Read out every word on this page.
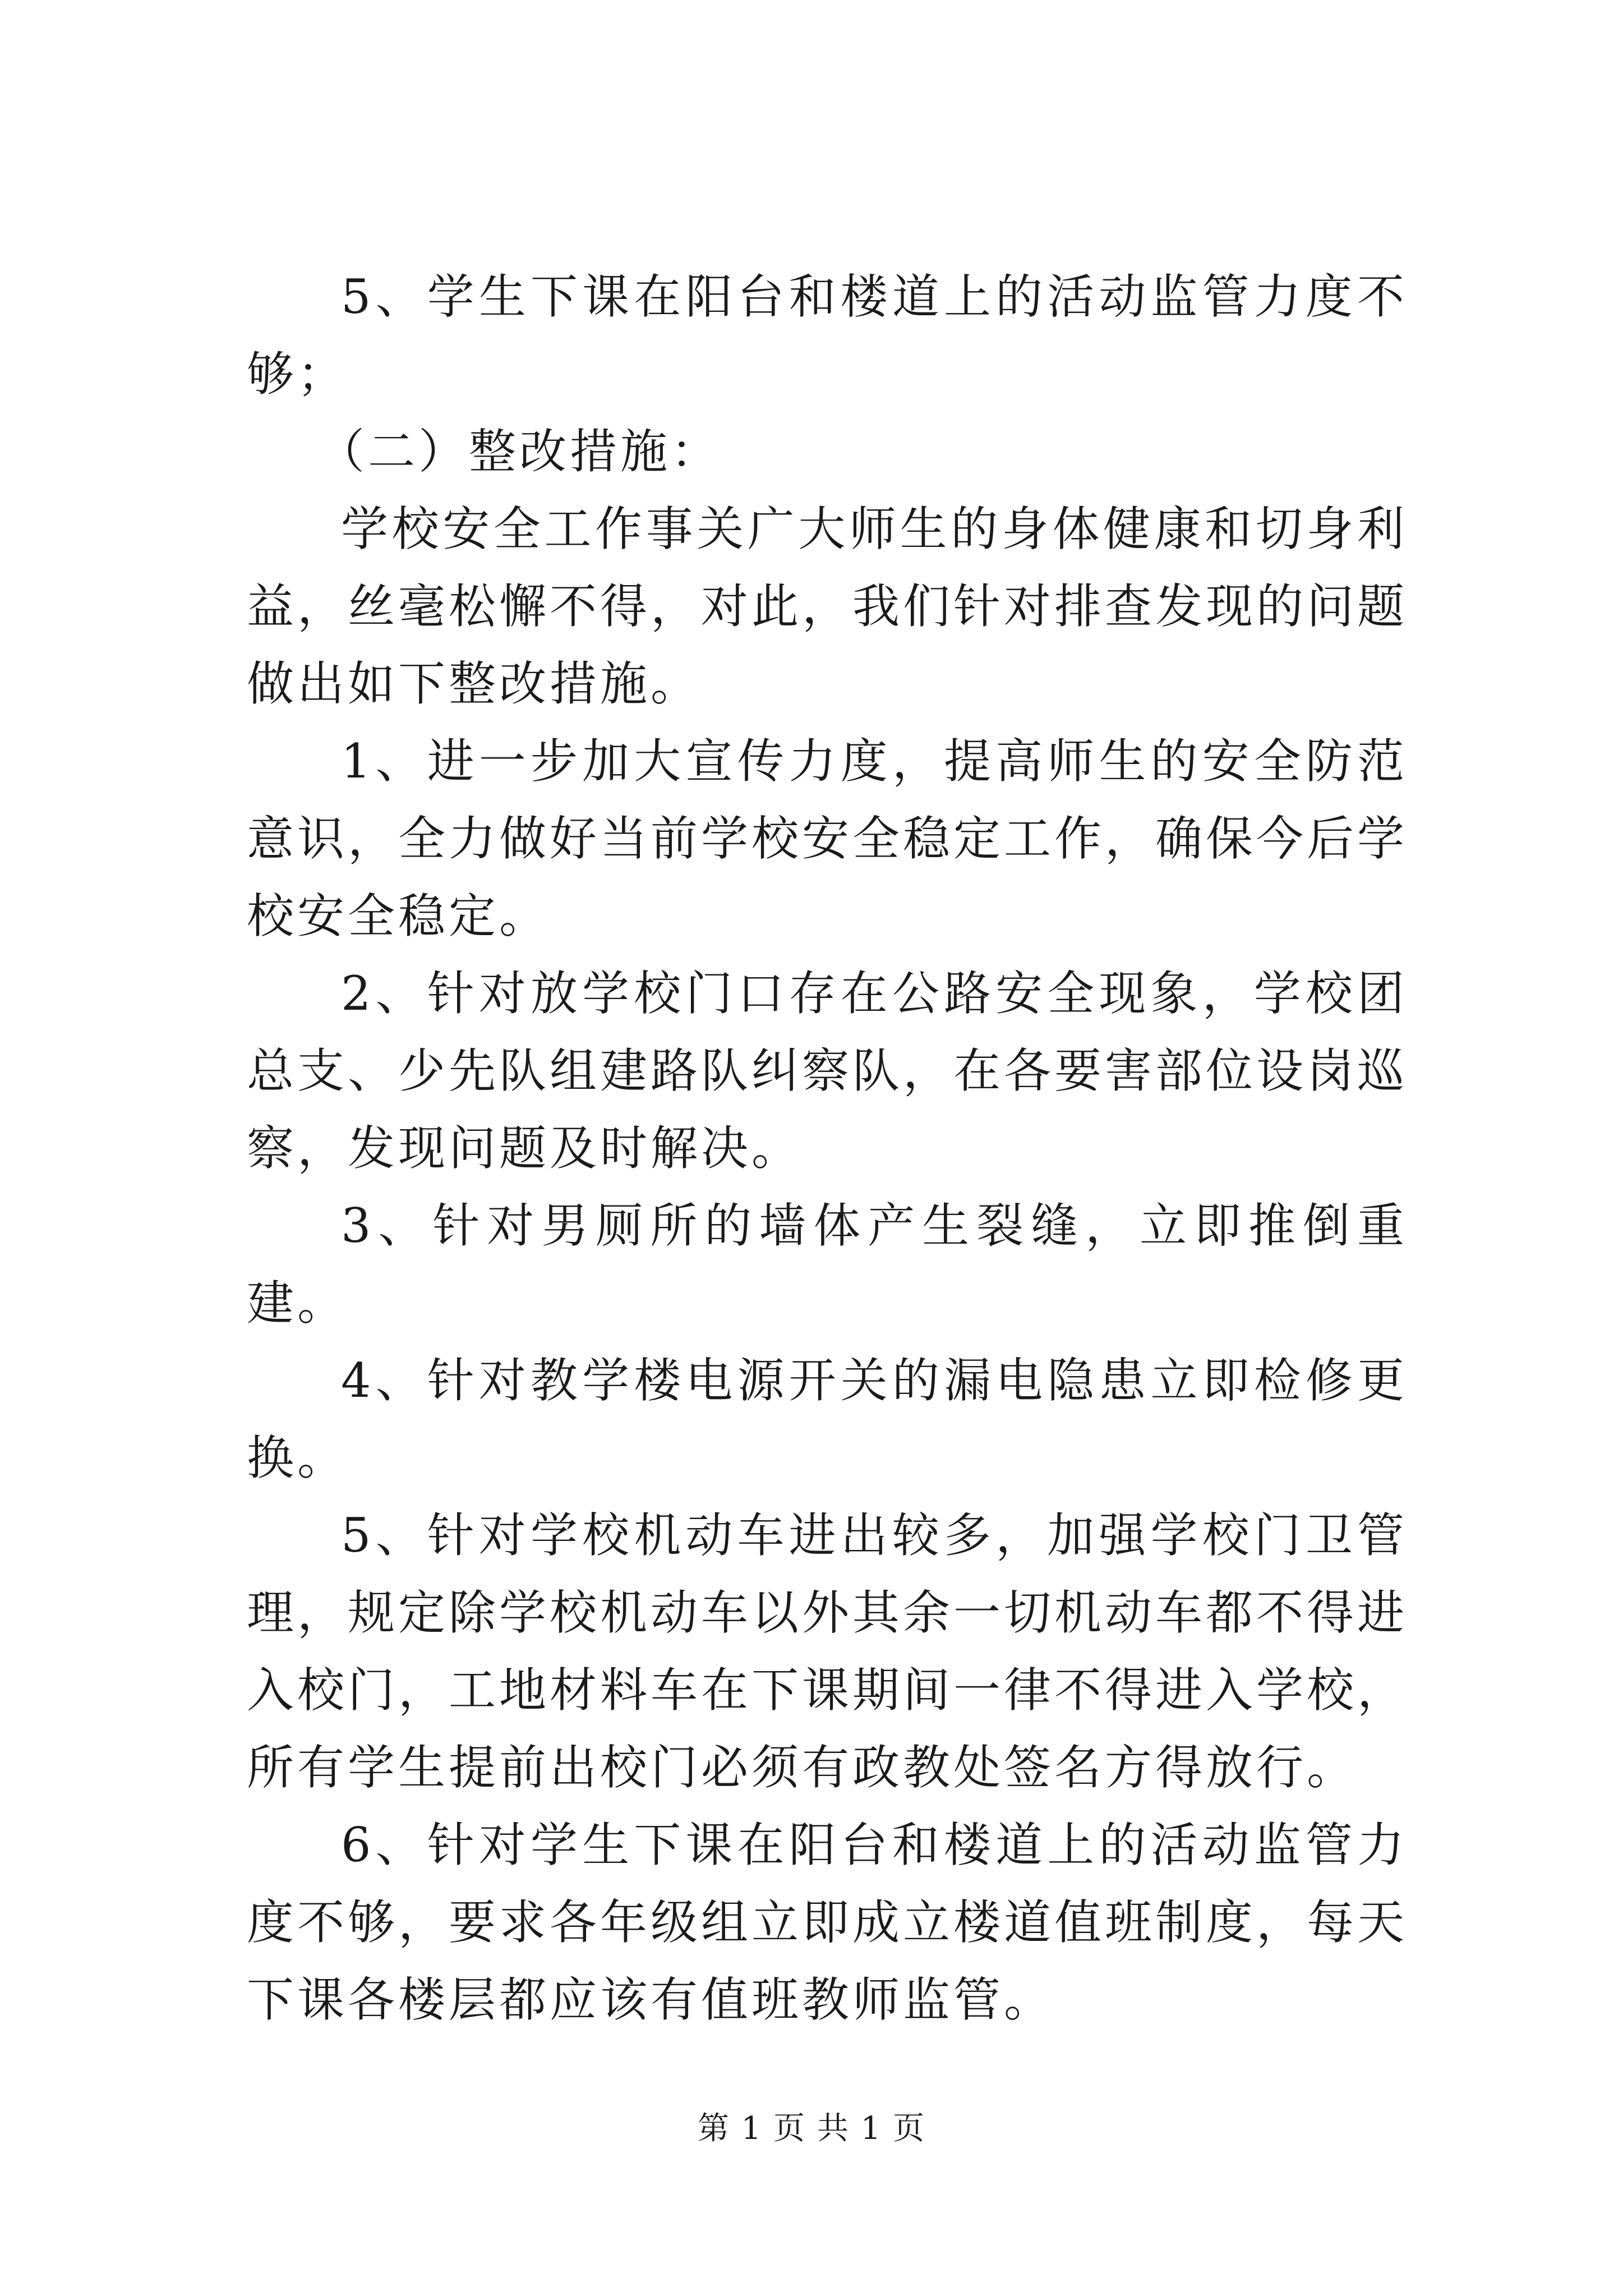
5、学生下课在阳台和楼道上的活动监管力度不够；

（二）整改措施：

学校安全工作事关广大师生的身体健康和切身利益，丝毫松懈不得，对此，我们针对排查发现的问题做出如下整改措施。

1、进一步加大宣传力度，提高师生的安全防范意识，全力做好当前学校安全稳定工作，确保今后学校安全稳定。

2、针对放学校门口存在公路安全现象，学校团总支、少先队组建路队纠察队，在各要害部位设岗巡察，发现问题及时解决。

3、针对男厕所的墙体产生裂缝，立即推倒重建。

4、针对教学楼电源开关的漏电隐患立即检修更换。

5、针对学校机动车进出较多，加强学校门卫管理，规定除学校机动车以外其余一切机动车都不得进入校门，工地材料车在下课期间一律不得进入学校，所有学生提前出校门必须有政教处签名方得放行。

6、针对学生下课在阳台和楼道上的活动监管力度不够，要求各年级组立即成立楼道值班制度，每天下课各楼层都应该有值班教师监管。

第 1 页 共 1 页
